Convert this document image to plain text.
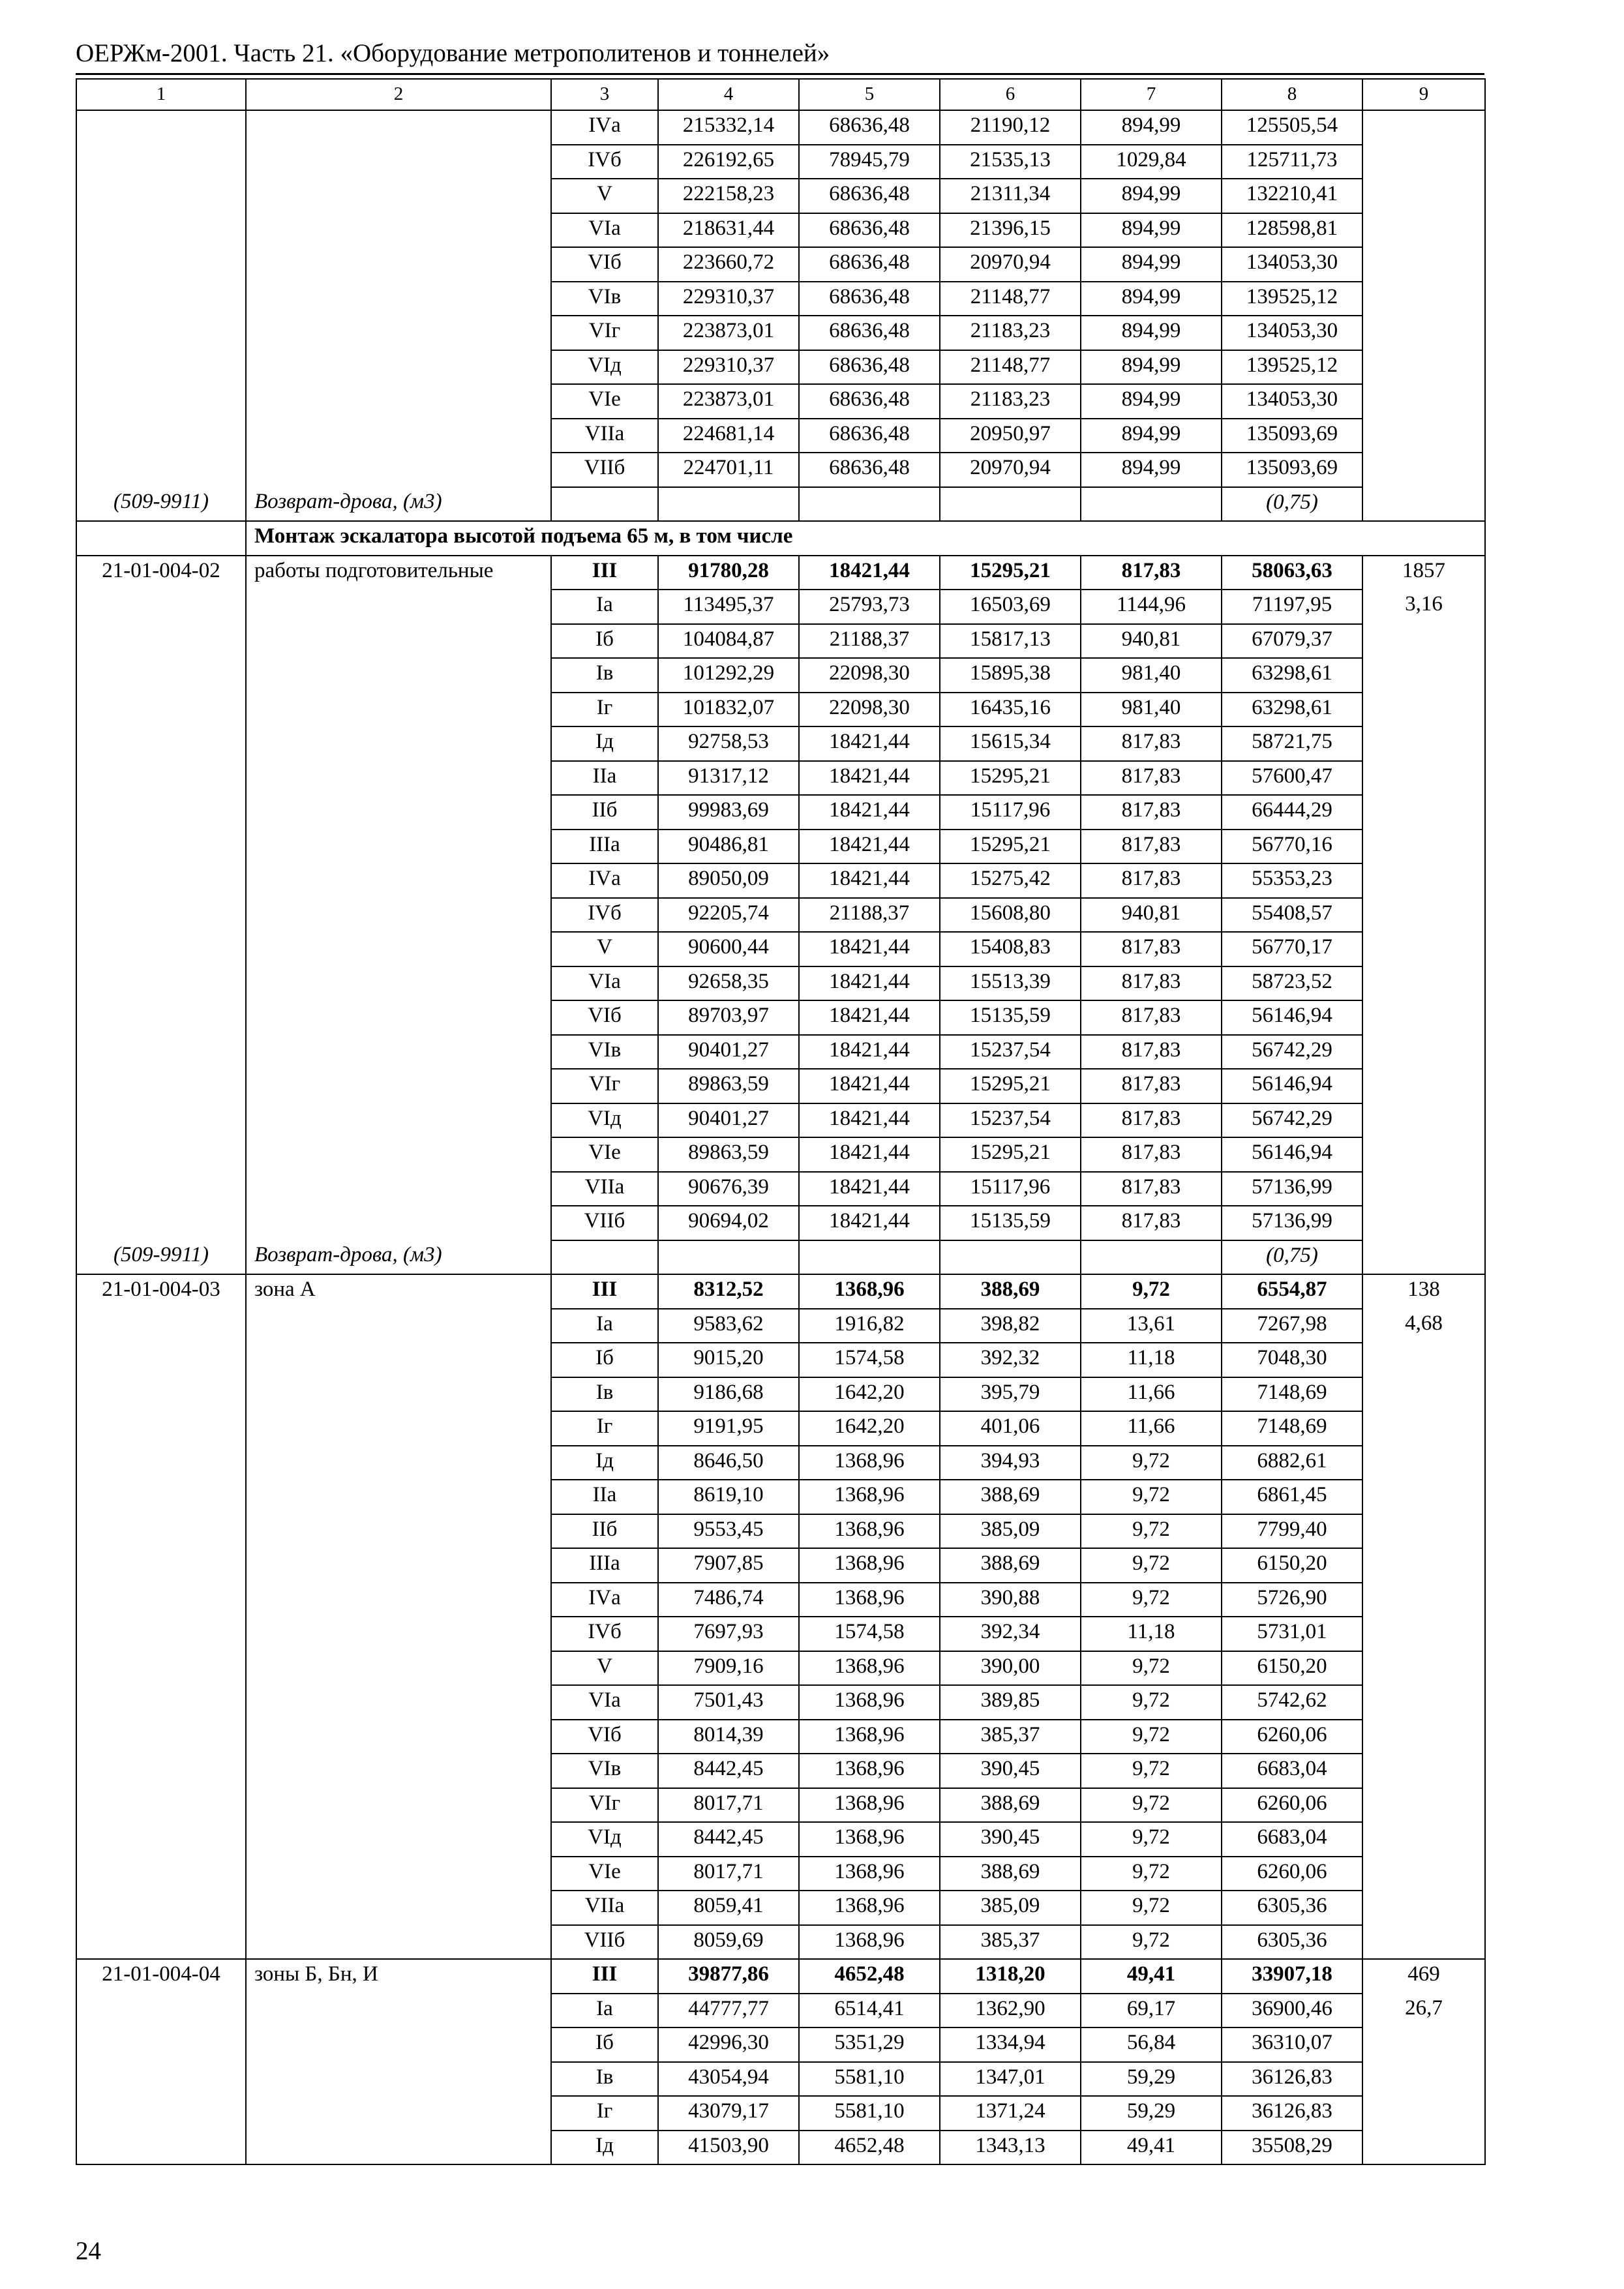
ОЕРЖм-2001. Часть 21. «Оборудование метрополитенов и тоннелей»
1	2	3	4	5	6	7	8	9
		IVа	215332,14	68636,48	21190,12	894,99	125505,54	
		IVб	226192,65	78945,79	21535,13	1029,84	125711,73	
		V	222158,23	68636,48	21311,34	894,99	132210,41	
		VIа	218631,44	68636,48	21396,15	894,99	128598,81	
		VIб	223660,72	68636,48	20970,94	894,99	134053,30	
		VIв	229310,37	68636,48	21148,77	894,99	139525,12	
		VIг	223873,01	68636,48	21183,23	894,99	134053,30	
		VIд	229310,37	68636,48	21148,77	894,99	139525,12	
		VIе	223873,01	68636,48	21183,23	894,99	134053,30	
		VIIа	224681,14	68636,48	20950,97	894,99	135093,69	
		VIIб	224701,11	68636,48	20970,94	894,99	135093,69	
(509-9911)	Возврат-дрова, (м3)						(0,75)	
	Монтаж эскалатора высотой подъема 65 м, в том числе							
21-01-004-02	работы подготовительные	III	91780,28	18421,44	15295,21	817,83	58063,63	1857
		Iа	113495,37	25793,73	16503,69	1144,96	71197,95	3,16
		Iб	104084,87	21188,37	15817,13	940,81	67079,37	
		Iв	101292,29	22098,30	15895,38	981,40	63298,61	
		Iг	101832,07	22098,30	16435,16	981,40	63298,61	
		Iд	92758,53	18421,44	15615,34	817,83	58721,75	
		IIа	91317,12	18421,44	15295,21	817,83	57600,47	
		IIб	99983,69	18421,44	15117,96	817,83	66444,29	
		IIIа	90486,81	18421,44	15295,21	817,83	56770,16	
		IVа	89050,09	18421,44	15275,42	817,83	55353,23	
		IVб	92205,74	21188,37	15608,80	940,81	55408,57	
		V	90600,44	18421,44	15408,83	817,83	56770,17	
		VIа	92658,35	18421,44	15513,39	817,83	58723,52	
		VIб	89703,97	18421,44	15135,59	817,83	56146,94	
		VIв	90401,27	18421,44	15237,54	817,83	56742,29	
		VIг	89863,59	18421,44	15295,21	817,83	56146,94	
		VIд	90401,27	18421,44	15237,54	817,83	56742,29	
		VIе	89863,59	18421,44	15295,21	817,83	56146,94	
		VIIа	90676,39	18421,44	15117,96	817,83	57136,99	
		VIIб	90694,02	18421,44	15135,59	817,83	57136,99	
(509-9911)	Возврат-дрова, (м3)						(0,75)	
21-01-004-03	зона А	III	8312,52	1368,96	388,69	9,72	6554,87	138
		Iа	9583,62	1916,82	398,82	13,61	7267,98	4,68
		Iб	9015,20	1574,58	392,32	11,18	7048,30	
		Iв	9186,68	1642,20	395,79	11,66	7148,69	
		Iг	9191,95	1642,20	401,06	11,66	7148,69	
		Iд	8646,50	1368,96	394,93	9,72	6882,61	
		IIа	8619,10	1368,96	388,69	9,72	6861,45	
		IIб	9553,45	1368,96	385,09	9,72	7799,40	
		IIIа	7907,85	1368,96	388,69	9,72	6150,20	
		IVа	7486,74	1368,96	390,88	9,72	5726,90	
		IVб	7697,93	1574,58	392,34	11,18	5731,01	
		V	7909,16	1368,96	390,00	9,72	6150,20	
		VIа	7501,43	1368,96	389,85	9,72	5742,62	
		VIб	8014,39	1368,96	385,37	9,72	6260,06	
		VIв	8442,45	1368,96	390,45	9,72	6683,04	
		VIг	8017,71	1368,96	388,69	9,72	6260,06	
		VIд	8442,45	1368,96	390,45	9,72	6683,04	
		VIе	8017,71	1368,96	388,69	9,72	6260,06	
		VIIа	8059,41	1368,96	385,09	9,72	6305,36	
		VIIб	8059,69	1368,96	385,37	9,72	6305,36	
21-01-004-04	зоны Б, Бн, И	III	39877,86	4652,48	1318,20	49,41	33907,18	469
		Iа	44777,77	6514,41	1362,90	69,17	36900,46	26,7
		Iб	42996,30	5351,29	1334,94	56,84	36310,07	
		Iв	43054,94	5581,10	1347,01	59,29	36126,83	
		Iг	43079,17	5581,10	1371,24	59,29	36126,83	
		Iд	41503,90	4652,48	1343,13	49,41	35508,29	
24
